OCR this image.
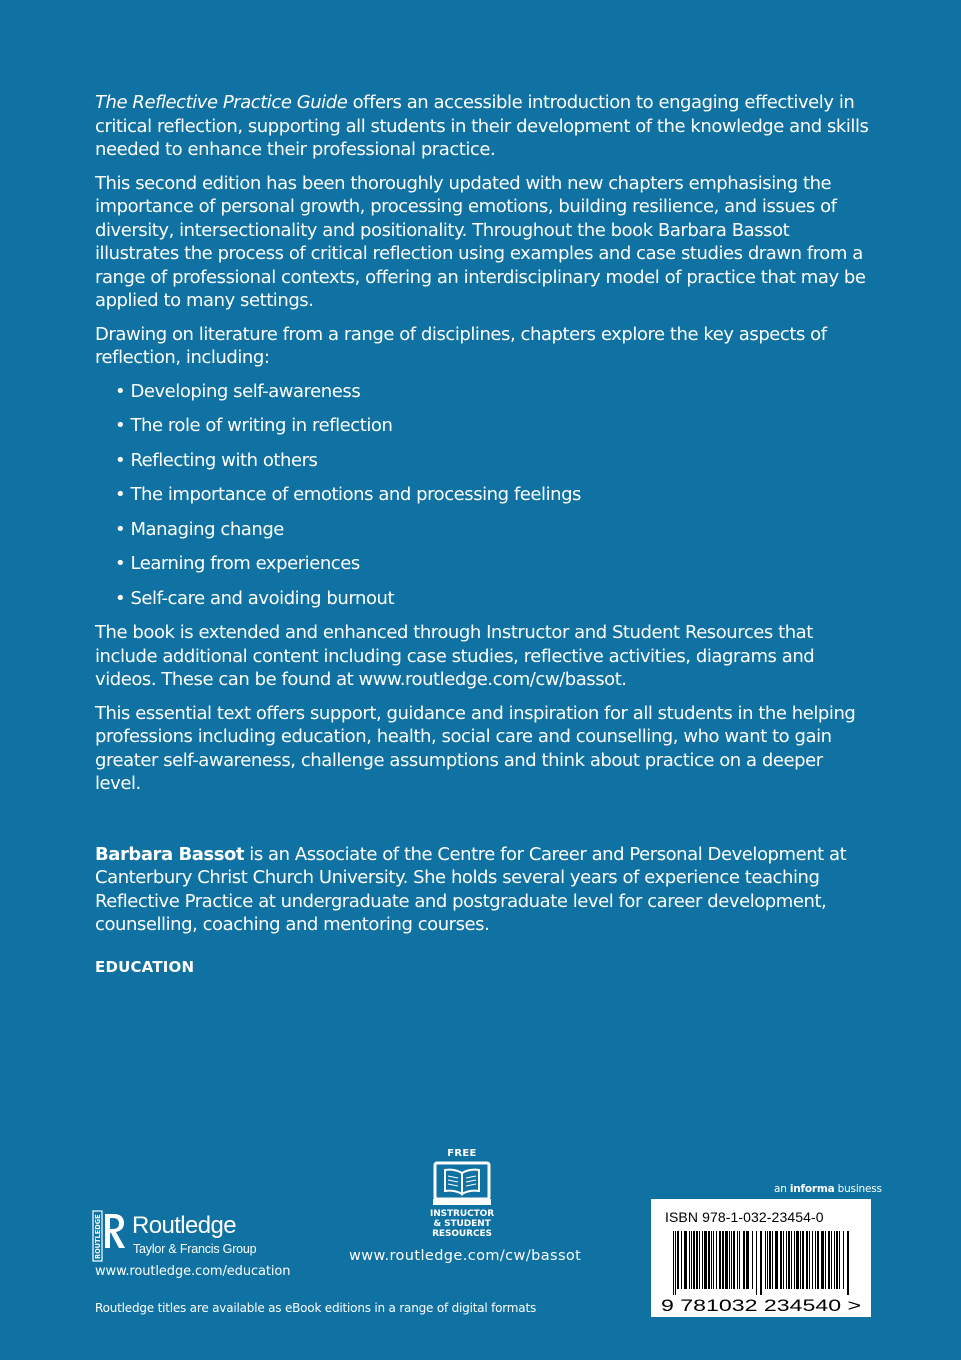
The Reflective Practice Guide offers an accessible introduction to engaging effectively in critical reflection, supporting all students in their development of the knowledge and skills needed to enhance their professional practice.

This second edition has been thoroughly updated with new chapters emphasising the importance of personal growth, processing emotions, building resilience, and issues of diversity, intersectionality and positionality. Throughout the book Barbara Bassot illustrates the process of critical reflection using examples and case studies drawn from a range of professional contexts, offering an interdisciplinary model of practice that may be applied to many settings.

Drawing on literature from a range of disciplines, chapters explore the key aspects of reflection, including:

• Developing self-awareness
• The role of writing in reflection
• Reflecting with others
• The importance of emotions and processing feelings
• Managing change
• Learning from experiences
• Self-care and avoiding burnout

The book is extended and enhanced through Instructor and Student Resources that include additional content including case studies, reflective activities, diagrams and videos. These can be found at www.routledge.com/cw/bassot.

This essential text offers support, guidance and inspiration for all students in the helping professions including education, health, social care and counselling, who want to gain greater self-awareness, challenge assumptions and think about practice on a deeper level.

Barbara Bassot is an Associate of the Centre for Career and Personal Development at Canterbury Christ Church University. She holds several years of experience teaching Reflective Practice at undergraduate and postgraduate level for career development, counselling, coaching and mentoring courses.

EDUCATION
ROUTLEDGE Routledge
Taylor & Francis Group
www.routledge.com/education
FREE
INSTRUCTOR
& STUDENT
RESOURCES
www.routledge.com/cw/bassot
an informa business
ISBN 978-1-032-23454-0
9 781032 234540 >
Routledge titles are available as eBook editions in a range of digital formats
